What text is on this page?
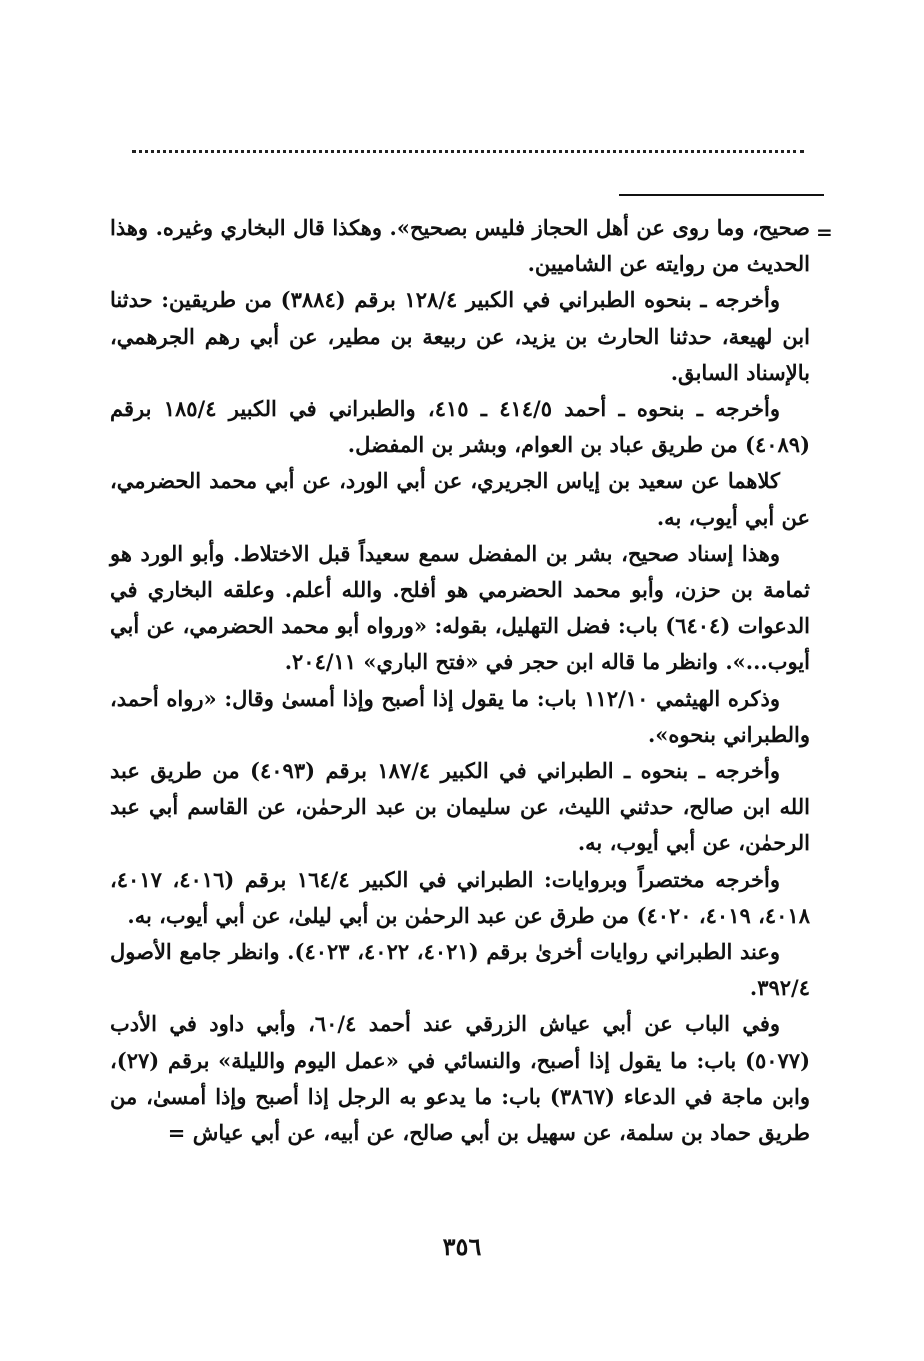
=

صحيح، وما روى عن أهل الحجاز فليس بصحيح». وهكذا قال البخاري وغيره. وهذا الحديث من روايته عن الشاميين.

وأخرجه ـ بنحوه الطبراني في الكبير ١٢٨/٤ برقم (٣٨٨٤) من طريقين: حدثنا ابن لهيعة، حدثنا الحارث بن يزيد، عن ربيعة بن مطير، عن أبي رهم الجرهمي، بالإسناد السابق.

وأخرجه ـ بنحوه ـ أحمد ٤١٤/٥ ـ ٤١٥، والطبراني في الكبير ١٨٥/٤ برقم (٤٠٨٩) من طريق عباد بن العوام، وبشر بن المفضل.

كلاهما عن سعيد بن إياس الجريري، عن أبي الورد، عن أبي محمد الحضرمي، عن أبي أيوب، به.

وهذا إسناد صحيح، بشر بن المفضل سمع سعيداً قبل الاختلاط. وأبو الورد هو ثمامة بن حزن، وأبو محمد الحضرمي هو أفلح. والله أعلم. وعلقه البخاري في الدعوات (٦٤٠٤) باب: فضل التهليل، بقوله: «ورواه أبو محمد الحضرمي، عن أبي أيوب...». وانظر ما قاله ابن حجر في «فتح الباري» ٢٠٤/١١.

وذكره الهيثمي ١١٢/١٠ باب: ما يقول إذا أصبح وإذا أمسىٰ وقال: «رواه أحمد، والطبراني بنحوه».

وأخرجه ـ بنحوه ـ الطبراني في الكبير ١٨٧/٤ برقم (٤٠٩٣) من طريق عبد الله ابن صالح، حدثني الليث، عن سليمان بن عبد الرحمٰن، عن القاسم أبي عبد الرحمٰن، عن أبي أيوب، به.

وأخرجه مختصراً وبروايات: الطبراني في الكبير ١٦٤/٤ برقم (٤٠١٦، ٤٠١٧، ٤٠١٨، ٤٠١٩، ٤٠٢٠) من طرق عن عبد الرحمٰن بن أبي ليلىٰ، عن أبي أيوب، به.

وعند الطبراني روايات أخرىٰ برقم (٤٠٢١، ٤٠٢٢، ٤٠٢٣). وانظر جامع الأصول ٣٩٢/٤.

وفي الباب عن أبي عياش الزرقي عند أحمد ٦٠/٤، وأبي داود في الأدب (٥٠٧٧) باب: ما يقول إذا أصبح، والنسائي في «عمل اليوم والليلة» برقم (٢٧)، وابن ماجة في الدعاء (٣٨٦٧) باب: ما يدعو به الرجل إذا أصبح وإذا أمسىٰ، من طريق حماد بن سلمة، عن سهيل بن أبي صالح، عن أبيه، عن أبي عياش =

٣٥٦
